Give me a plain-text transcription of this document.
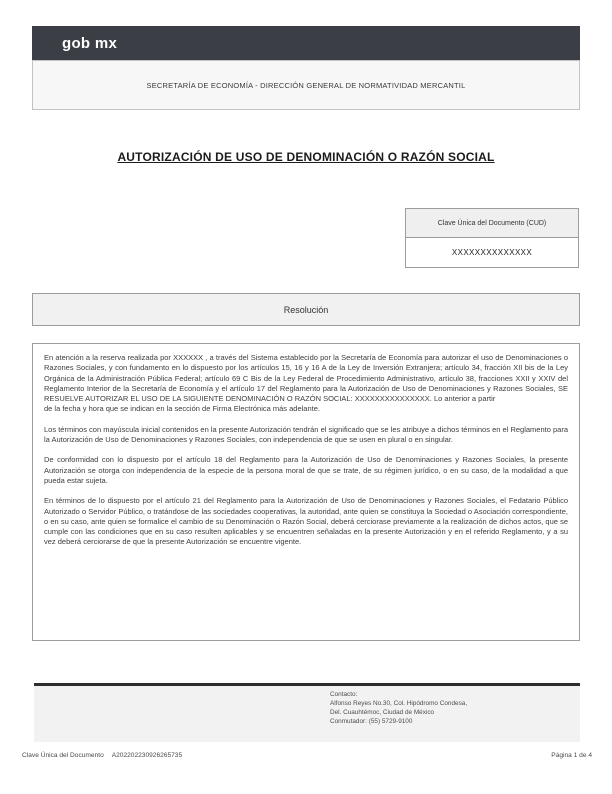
gob mx
SECRETARÍA DE ECONOMÍA - DIRECCIÓN GENERAL DE NORMATIVIDAD MERCANTIL
AUTORIZACIÓN DE USO DE DENOMINACIÓN O RAZÓN SOCIAL
Clave Única del Documento (CUD)
XXXXXXXXXXXXXX
Resolución

En atención a la reserva realizada por XXXXXX , a través del Sistema establecido por la Secretaría de Economía para autorizar el uso de Denominaciones o Razones Sociales, y con fundamento en lo dispuesto por los artículos 15, 16 y 16 A de la Ley de Inversión Extranjera; artículo 34, fracción XII bis de la Ley Orgánica de la Administración Pública Federal; artículo 69 C Bis de la Ley Federal de Procedimiento Administrativo, artículo 38, fracciones XXII y XXIV del Reglamento Interior de la Secretaría de Economía y el artículo 17 del Reglamento para la Autorización de Uso de Denominaciones y Razones Sociales, SE RESUELVE AUTORIZAR EL USO DE LA SIGUIENTE DENOMINACIÓN O RAZÓN SOCIAL: XXXXXXXXXXXXXXX. Lo anterior a partir

de la fecha y hora que se indican en la sección de Firma Electrónica más adelante.

Los términos con mayúscula inicial contenidos en la presente Autorización tendrán el significado que se les atribuye a dichos términos en el Reglamento para la Autorización de Uso de Denominaciones y Razones Sociales, con independencia de que se usen en plural o en singular.

De conformidad con lo dispuesto por el artículo 18 del Reglamento para la Autorización de Uso de Denominaciones y Razones Sociales, la presente Autorización se otorga con independencia de la especie de la persona moral de que se trate, de su régimen jurídico, o en su caso, de la modalidad a que pueda estar sujeta.

En términos de lo dispuesto por el artículo 21 del Reglamento para la Autorización de Uso de Denominaciones y Razones Sociales, el Fedatario Público Autorizado o Servidor Público, o tratándose de las sociedades cooperativas, la autoridad, ante quien se constituya la Sociedad o Asociación correspondiente, o en su caso, ante quien se formalice el cambio de su Denominación o Razón Social, deberá cerciorase previamente a la realización de dichos actos, que se cumple con las condiciones que en su caso resulten aplicables y se encuentren señaladas en la presente Autorización y en el referido Reglamento, y a su vez deberá cerciorarse de que la presente Autorización se encuentre vigente.

Contacto:
Alfonso Reyes No.30, Col. Hipódromo Condesa,
Del. Cuauhtémoc, Ciudad de México
Conmutador: (55) 5729-9100
Clave Única del Documento A202202230926265735	Página 1 de 4
